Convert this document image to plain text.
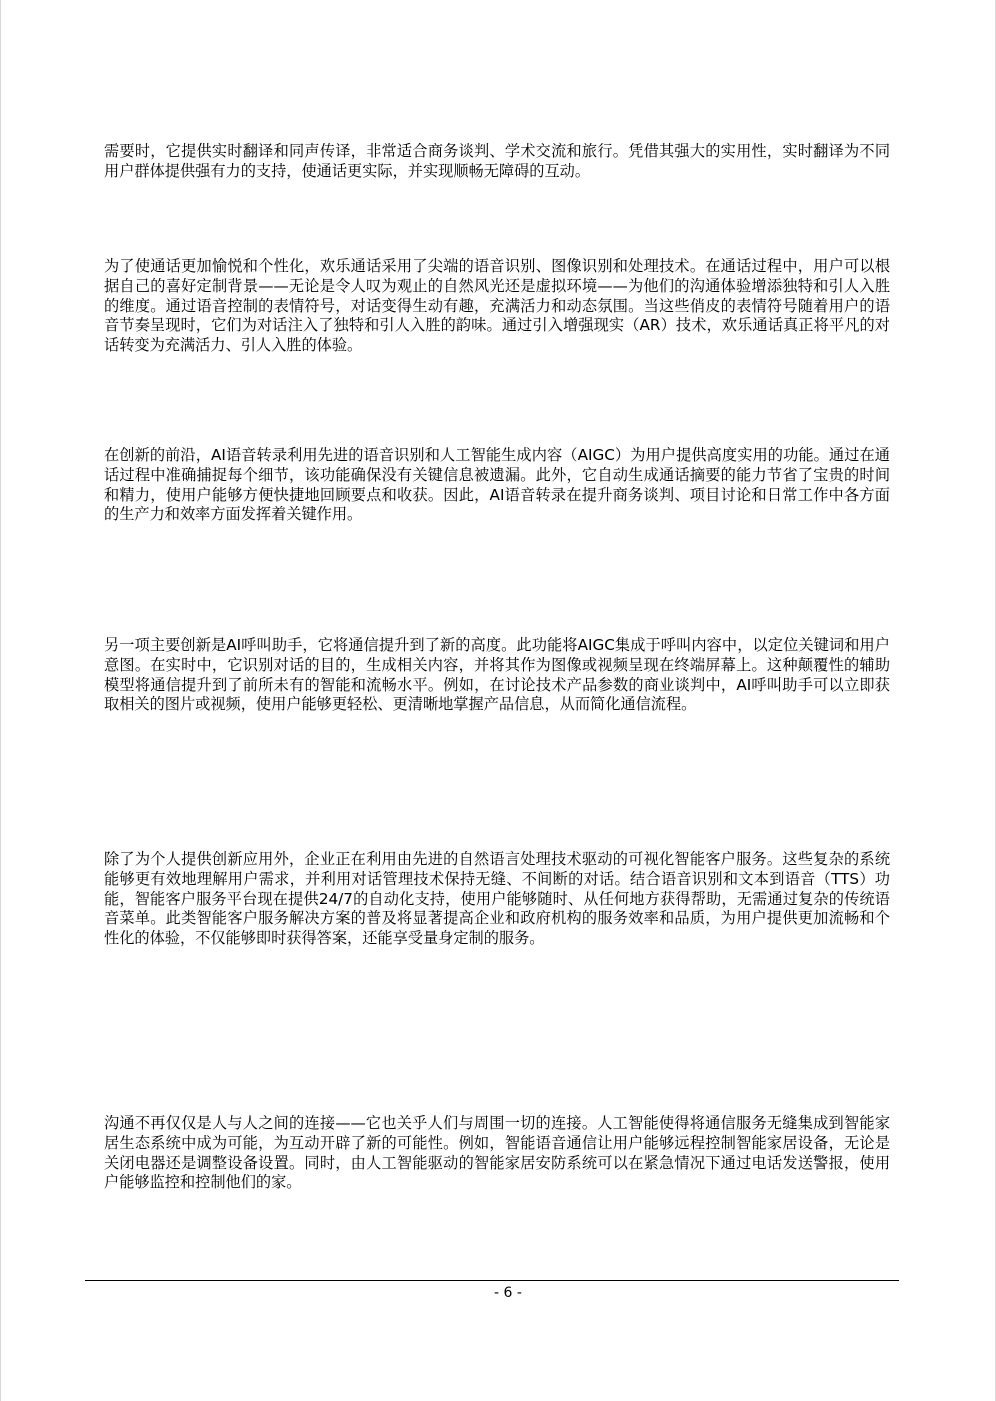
需要时，它提供实时翻译和同声传译，非常适合商务谈判、学术交流和旅行。凭借其强大的实用性，实时翻译为不同用户群体提供强有力的支持，使通话更实际，并实现顺畅无障碍的互动。

为了使通话更加愉悦和个性化，欢乐通话采用了尖端的语音识别、图像识别和处理技术。在通话过程中，用户可以根据自己的喜好定制背景——无论是令人叹为观止的自然风光还是虚拟环境——为他们的沟通体验增添独特和引人入胜的维度。通过语音控制的表情符号，对话变得生动有趣，充满活力和动态氛围。当这些俏皮的表情符号随着用户的语音节奏呈现时，它们为对话注入了独特和引人入胜的韵味。通过引入增强现实（AR）技术，欢乐通话真正将平凡的对话转变为充满活力、引人入胜的体验。

在创新的前沿，AI语音转录利用先进的语音识别和人工智能生成内容（AIGC）为用户提供高度实用的功能。通过在通话过程中准确捕捉每个细节，该功能确保没有关键信息被遗漏。此外，它自动生成通话摘要的能力节省了宝贵的时间和精力，使用户能够方便快捷地回顾要点和收获。因此，AI语音转录在提升商务谈判、项目讨论和日常工作中各方面的生产力和效率方面发挥着关键作用。

另一项主要创新是AI呼叫助手，它将通信提升到了新的高度。此功能将AIGC集成于呼叫内容中，以定位关键词和用户意图。在实时中，它识别对话的目的，生成相关内容，并将其作为图像或视频呈现在终端屏幕上。这种颠覆性的辅助模型将通信提升到了前所未有的智能和流畅水平。例如，在讨论技术产品参数的商业谈判中，AI呼叫助手可以立即获取相关的图片或视频，使用户能够更轻松、更清晰地掌握产品信息，从而简化通信流程。

除了为个人提供创新应用外，企业正在利用由先进的自然语言处理技术驱动的可视化智能客户服务。这些复杂的系统能够更有效地理解用户需求，并利用对话管理技术保持无缝、不间断的对话。结合语音识别和文本到语音（TTS）功能，智能客户服务平台现在提供24/7的自动化支持，使用户能够随时、从任何地方获得帮助，无需通过复杂的传统语音菜单。此类智能客户服务解决方案的普及将显著提高企业和政府机构的服务效率和品质，为用户提供更加流畅和个性化的体验，不仅能够即时获得答案，还能享受量身定制的服务。

沟通不再仅仅是人与人之间的连接——它也关乎人们与周围一切的连接。人工智能使得将通信服务无缝集成到智能家居生态系统中成为可能，为互动开辟了新的可能性。例如，智能语音通信让用户能够远程控制智能家居设备，无论是关闭电器还是调整设备设置。同时，由人工智能驱动的智能家居安防系统可以在紧急情况下通过电话发送警报，使用户能够监控和控制他们的家。

- 6 -
